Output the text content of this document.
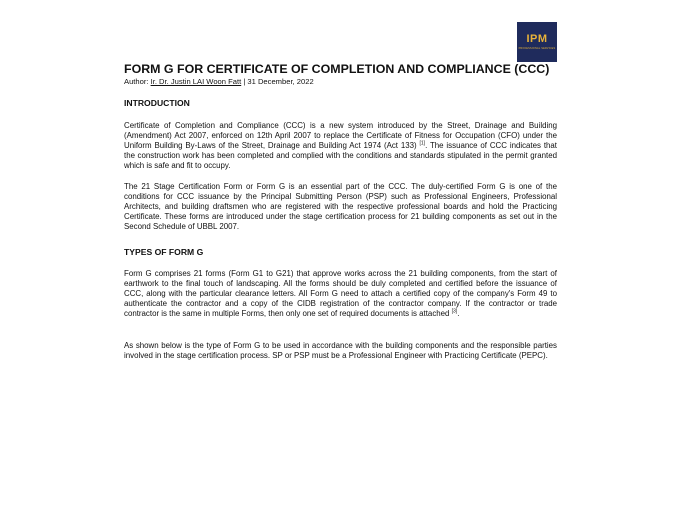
IPM
PROFESSIONAL SERVICES
FORM G FOR CERTIFICATE OF COMPLETION AND COMPLIANCE (CCC)
Author: Ir. Dr. Justin LAI Woon Fatt | 31 December, 2022
INTRODUCTION

Certificate of Completion and Compliance (CCC) is a new system introduced by the Street, Drainage and Building (Amendment) Act 2007, enforced on 12th April 2007 to replace the Certificate of Fitness for Occupation (CFO) under the Uniform Building By-Laws of the Street, Drainage and Building Act 1974 (Act 133) [1]. The issuance of CCC indicates that the construction work has been completed and complied with the conditions and standards stipulated in the permit granted which is safe and fit to occupy.

The 21 Stage Certification Form or Form G is an essential part of the CCC. The duly-certified Form G is one of the conditions for CCC issuance by the Principal Submitting Person (PSP) such as Professional Engineers, Professional Architects, and building draftsmen who are registered with the respective professional boards and hold the Practicing Certificate. These forms are introduced under the stage certification process for 21 building components as set out in the Second Schedule of UBBL 2007.

TYPES OF FORM G

Form G comprises 21 forms (Form G1 to G21) that approve works across the 21 building components, from the start of earthwork to the final touch of landscaping. All the forms should be duly completed and certified before the issuance of CCC, along with the particular clearance letters. All Form G need to attach a certified copy of the company's Form 49 to authenticate the contractor and a copy of the CIDB registration of the contractor company. If the contractor or trade contractor is the same in multiple Forms, then only one set of required documents is attached [3].

As shown below is the type of Form G to be used in accordance with the building components and the responsible parties involved in the stage certification process. SP or PSP must be a Professional Engineer with Practicing Certificate (PEPC).
